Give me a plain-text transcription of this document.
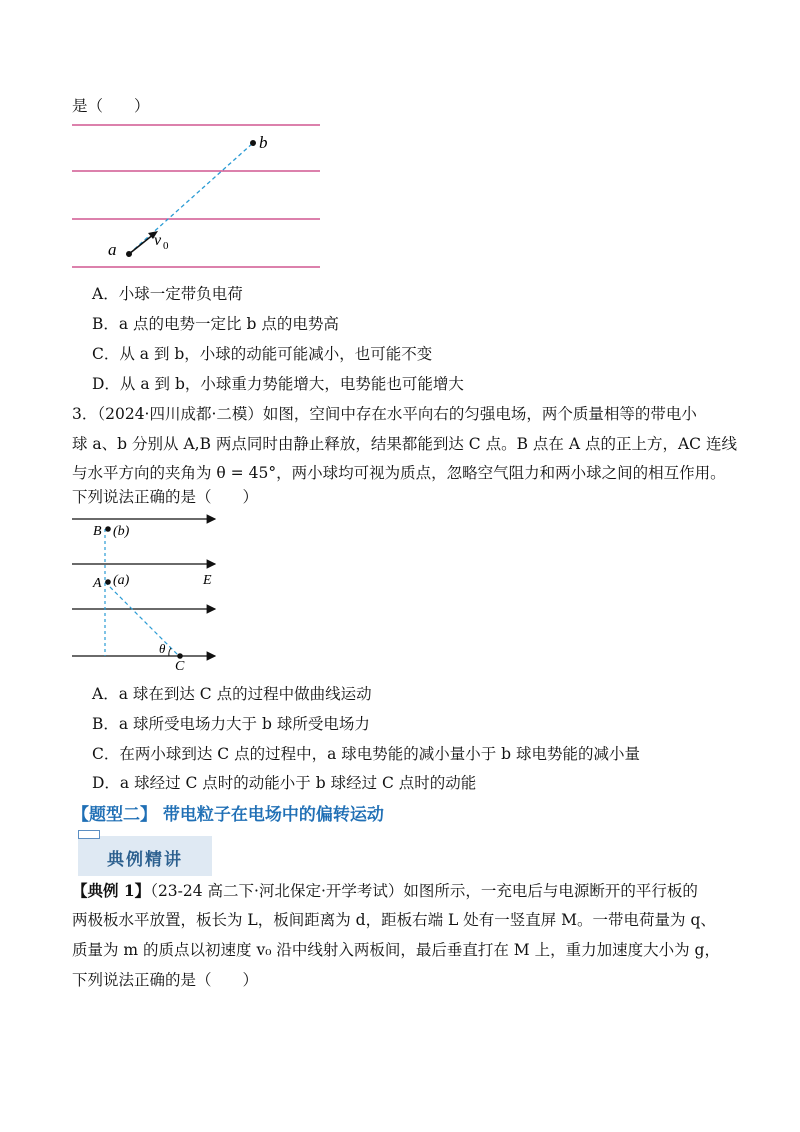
是（　　）
a
b
v 0
A．小球一定带负电荷
B．a 点的电势一定比 b 点的电势高
C．从 a 到 b，小球的动能可能减小，也可能不变
D．从 a 到 b，小球重力势能增大，电势能也可能增大
3．（2024·四川成都·二模）如图，空间中存在水平向右的匀强电场，两个质量相等的带电小
球 a、b 分别从 A,B 两点同时由静止释放，结果都能到达 C 点。B 点在 A 点的正上方，AC 连线
与水平方向的夹角为 θ = 45°，两小球均可视为质点，忽略空气阻力和两小球之间的相互作用。
下列说法正确的是（　　）
B (b)
A (a)	E
θ
C
A．a 球在到达 C 点的过程中做曲线运动
B．a 球所受电场力大于 b 球所受电场力
C．在两小球到达 C 点的过程中，a 球电势能的减小量小于 b 球电势能的减小量
D．a 球经过 C 点时的动能小于 b 球经过 C 点时的动能
【题型二】 带电粒子在电场中的偏转运动
典例精讲
【典例 1】（23-24 高二下·河北保定·开学考试）如图所示，一充电后与电源断开的平行板的
两极板水平放置，板长为 L，板间距离为 d，距板右端 L 处有一竖直屏 M。一带电荷量为 q、
质量为 m 的质点以初速度 v₀ 沿中线射入两板间，最后垂直打在 M 上，重力加速度大小为 g，
下列说法正确的是（　　）
